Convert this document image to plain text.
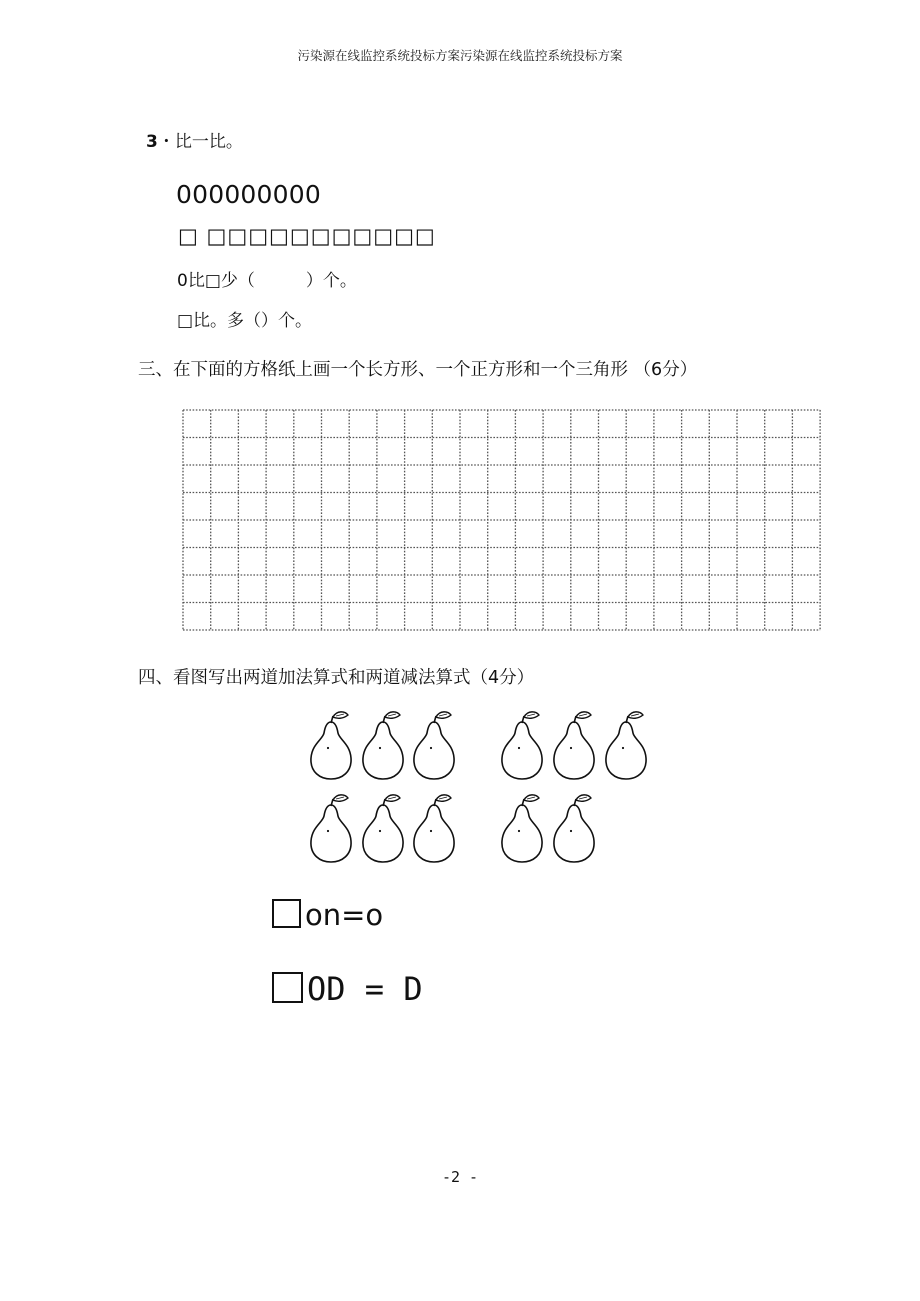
污染源在线监控系统投标方案污染源在线监控系统投标方案
3・比一比。
000000000
□ □□□□□□□□□□□
0比□少（　　　）个。
□比。多（）个。
三、在下面的方格纸上画一个长方形、一个正方形和一个三角形 （6分）
四、看图写出两道加法算式和两道减法算式（4分）
on=o
OD = D
-2 -
